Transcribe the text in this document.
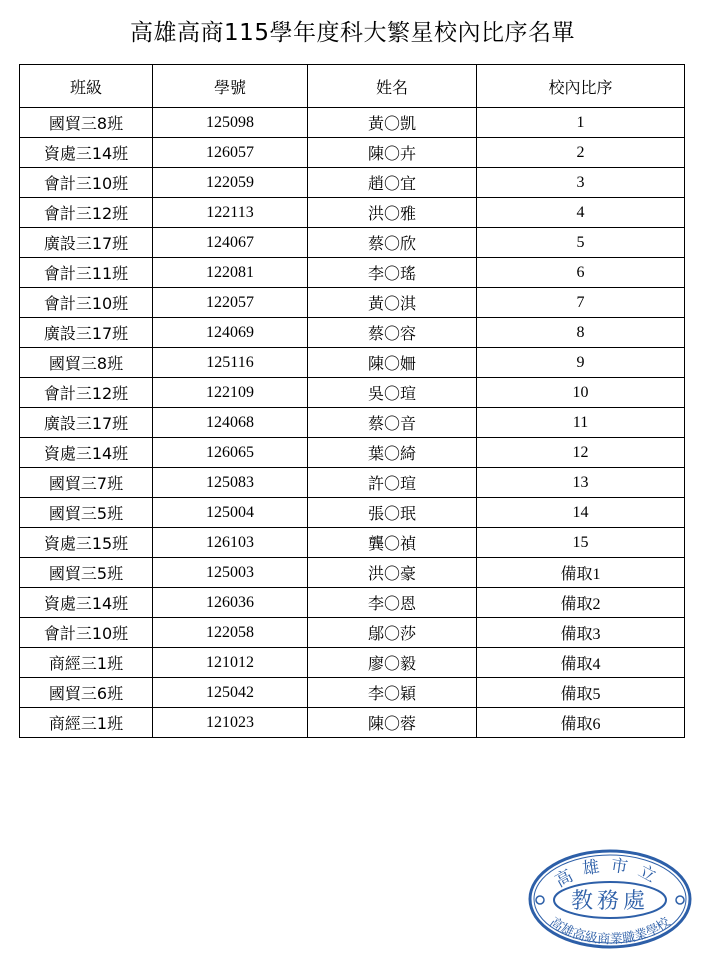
高雄高商115學年度科大繁星校內比序名單
班級	學號	姓名	校內比序
國貿三8班	125098	黃〇凱	1
資處三14班	126057	陳〇卉	2
會計三10班	122059	趙〇宜	3
會計三12班	122113	洪〇雅	4
廣設三17班	124067	蔡〇欣	5
會計三11班	122081	李〇瑤	6
會計三10班	122057	黃〇淇	7
廣設三17班	124069	蔡〇容	8
國貿三8班	125116	陳〇姍	9
會計三12班	122109	吳〇瑄	10
廣設三17班	124068	蔡〇音	11
資處三14班	126065	葉〇綺	12
國貿三7班	125083	許〇瑄	13
國貿三5班	125004	張〇珉	14
資處三15班	126103	龔〇禎	15
國貿三5班	125003	洪〇豪	備取1
資處三14班	126036	李〇恩	備取2
會計三10班	122058	鄔〇莎	備取3
商經三1班	121012	廖〇毅	備取4
國貿三6班	125042	李〇穎	備取5
商經三1班	121023	陳〇蓉	備取6
高雄市立
教務處
高雄高級商業職業學校
